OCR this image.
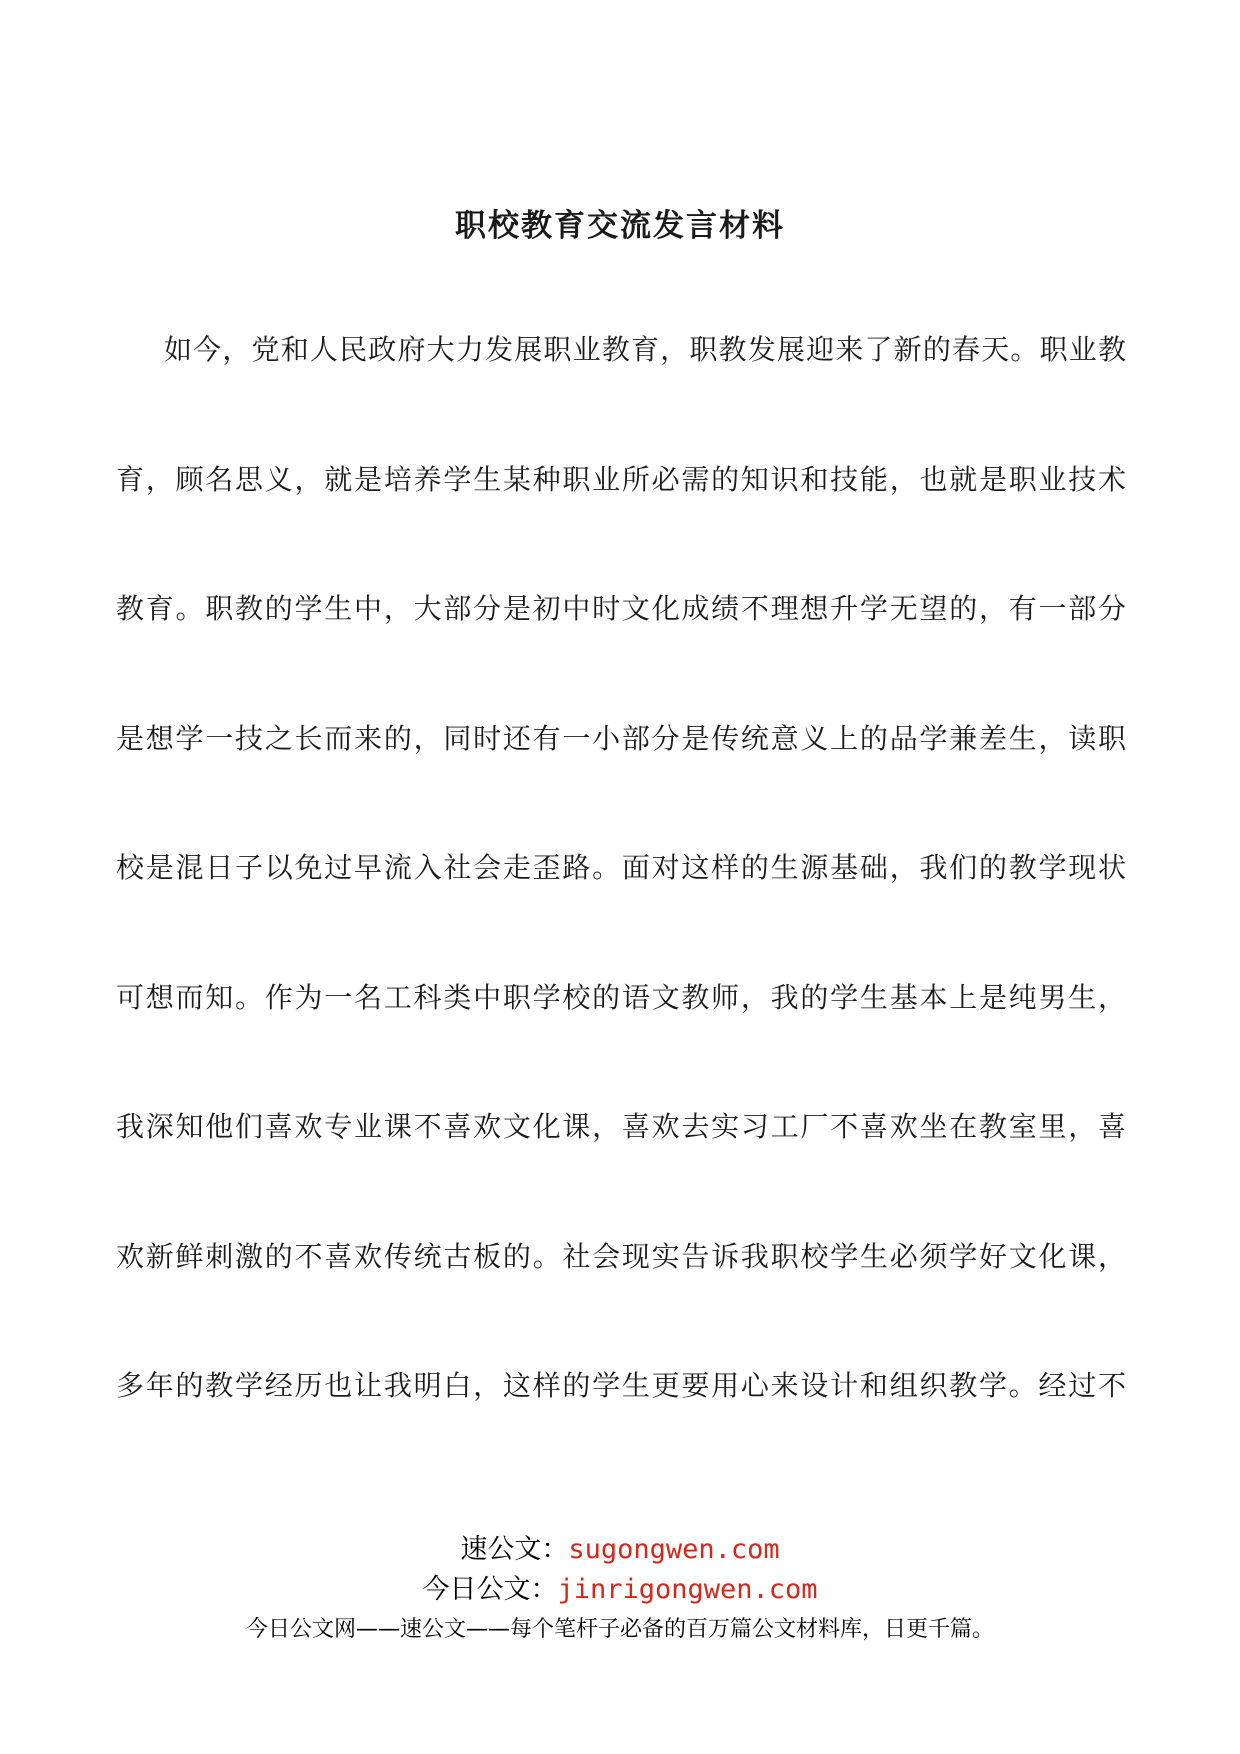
职校教育交流发言材料

如今，党和人民政府大力发展职业教育，职教发展迎来了新的春天。职业教

育，顾名思义，就是培养学生某种职业所必需的知识和技能，也就是职业技术

教育。职教的学生中，大部分是初中时文化成绩不理想升学无望的，有一部分

是想学一技之长而来的，同时还有一小部分是传统意义上的品学兼差生，读职

校是混日子以免过早流入社会走歪路。面对这样的生源基础，我们的教学现状

可想而知。作为一名工科类中职学校的语文教师，我的学生基本上是纯男生，

我深知他们喜欢专业课不喜欢文化课，喜欢去实习工厂不喜欢坐在教室里，喜

欢新鲜刺激的不喜欢传统古板的。社会现实告诉我职校学生必须学好文化课，

多年的教学经历也让我明白，这样的学生更要用心来设计和组织教学。经过不

速公文：sugongwen.com
今日公文：jinrigongwen.com
今日公文网——速公文——每个笔杆子必备的百万篇公文材料库，日更千篇。
